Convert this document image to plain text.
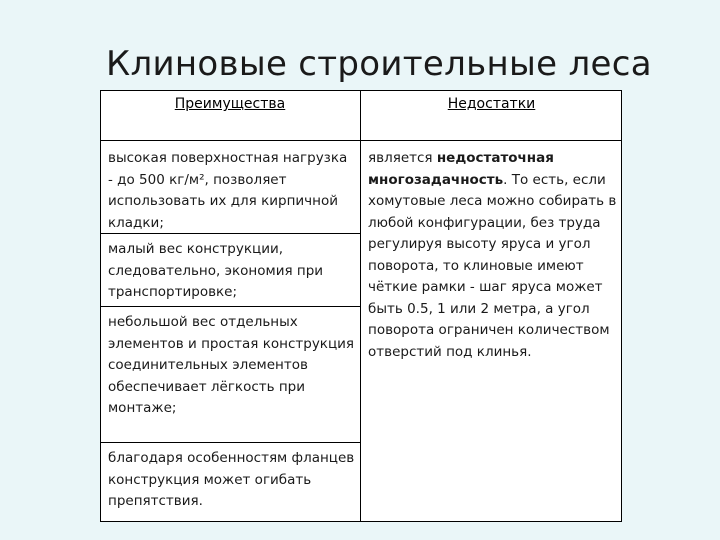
Клиновые строительные леса
Преимущества	Недостатки
высокая поверхностная нагрузка - до 500 кг/м², позволяет использовать их для кирпичной кладки;
малый вес конструкции, следовательно, экономия при транспортировке;
небольшой вес отдельных элементов и простая конструкция соединительных элементов обеспечивает лёгкость при монтаже;
благодаря особенностям фланцев конструкция может огибать препятствия.
является недостаточная многозадачность. То есть, если хомутовые леса можно собирать в любой конфигурации, без труда регулируя высоту яруса и угол поворота, то клиновые имеют чёткие рамки - шаг яруса может быть 0.5, 1 или 2 метра, а угол поворота ограничен количеством отверстий под клинья.
